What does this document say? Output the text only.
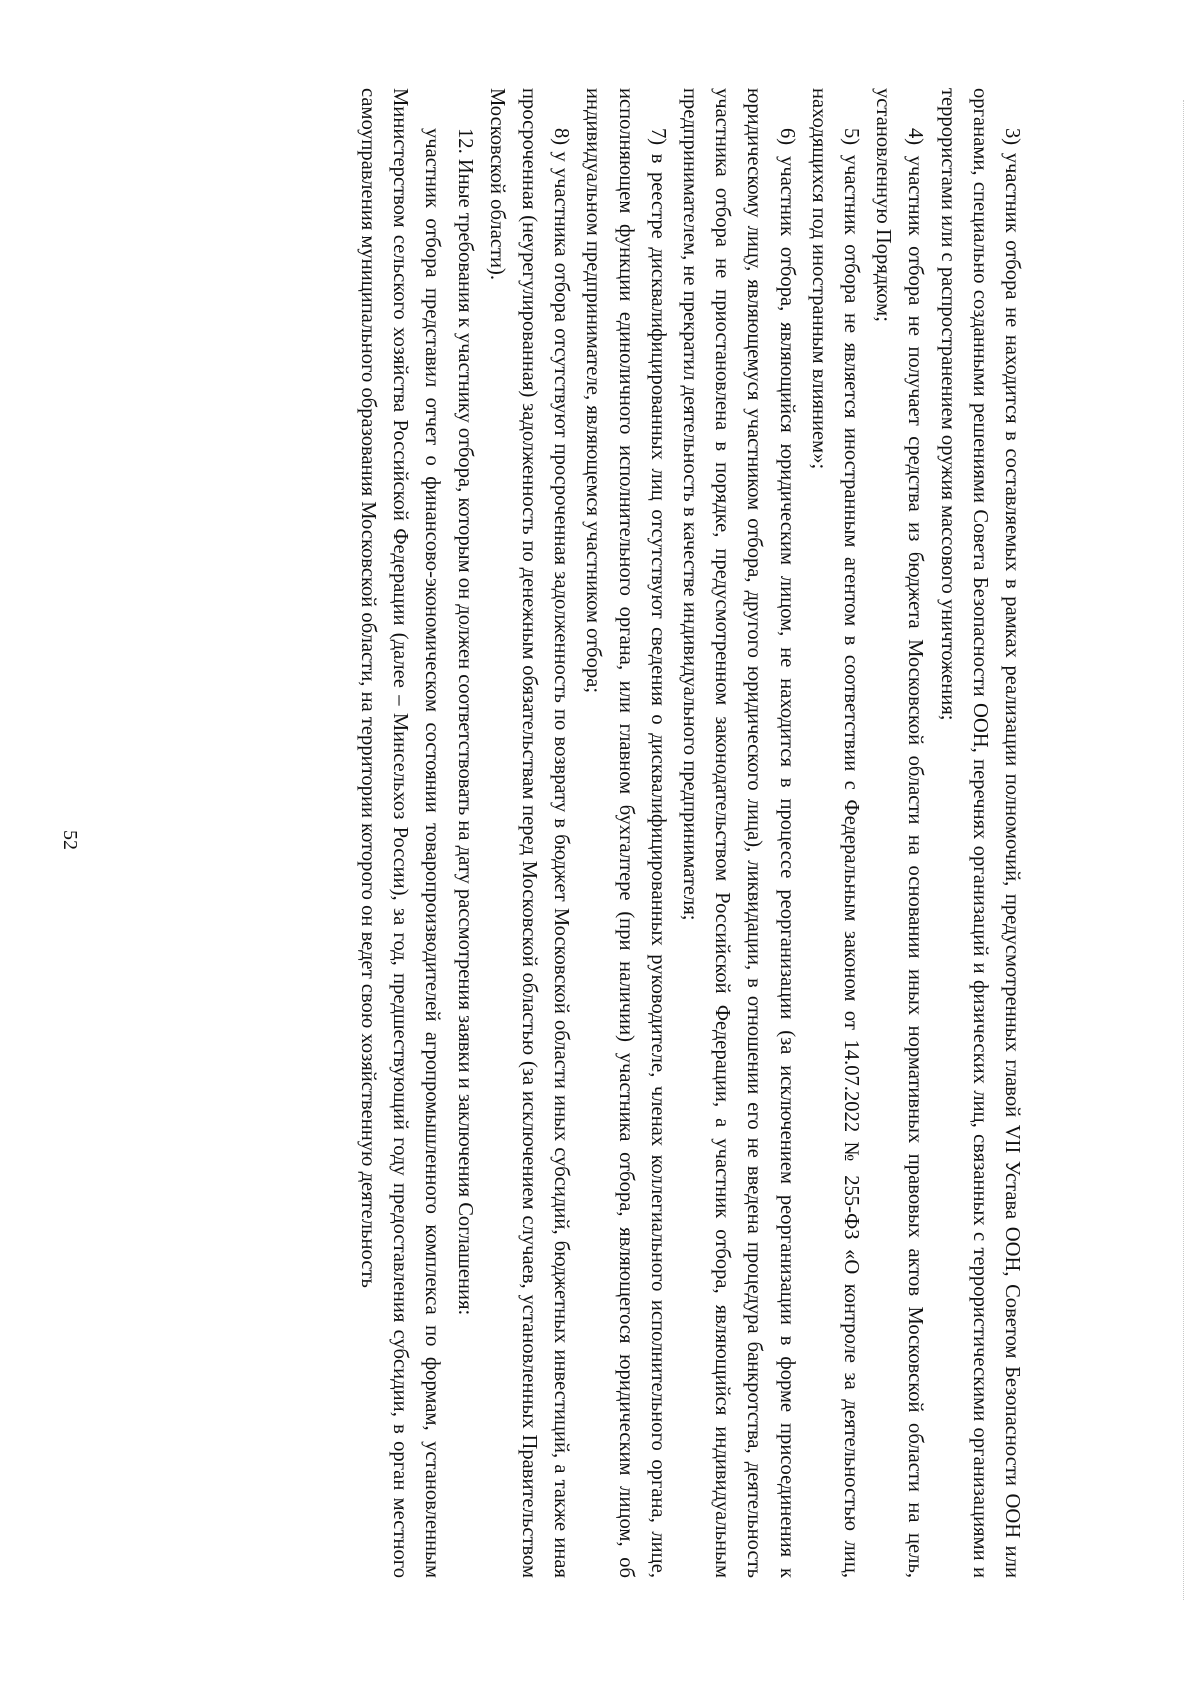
52	3) участник отбора не находится в составляемых в рамках реализации полномочий, предусмотренных главой VII Устава ООН, Советом Безопасности ООН или органами, специально созданными решениями Совета Безопасности ООН, перечнях организаций и физических лиц, связанных с террористическими организациями и террористами или с распространением оружия массового уничтожения;

4) участник отбора не получает средства из бюджета Московской области на основании иных нормативных правовых актов Московской области на цель, установленную Порядком;

5) участник отбора не является иностранным агентом в соответствии с Федеральным законом от 14.07.2022 № 255-ФЗ «О контроле за деятельностью лиц, находящихся под иностранным влиянием»;

6) участник отбора, являющийся юридическим лицом, не находится в процессе реорганизации (за исключением реорганизации в форме присоединения к юридическому лицу, являющемуся участником отбора, другого юридического лица), ликвидации, в отношении его не введена процедура банкротства, деятельность участника отбора не приостановлена в порядке, предусмотренном законодательством Российской Федерации, а участник отбора, являющийся индивидуальным предпринимателем, не прекратил деятельность в качестве индивидуального предпринимателя;

7) в реестре дисквалифицированных лиц отсутствуют сведения о дисквалифицированных руководителе, членах коллегиального исполнительного органа, лице, исполняющем функции единоличного исполнительного органа, или главном бухгалтере (при наличии) участника отбора, являющегося юридическим лицом, об индивидуальном предпринимателе, являющемся участником отбора;

8) у участника отбора отсутствуют просроченная задолженность по возврату в бюджет Московской области иных субсидий, бюджетных инвестиций, а также иная просроченная (неурегулированная) задолженность по денежным обязательствам перед Московской областью (за исключением случаев, установленных Правительством Московской области).

12. Иные требования к участнику отбора, которым он должен соответствовать на дату рассмотрения заявки и заключения Соглашения:

участник отбора представил отчет о финансово-экономическом состоянии товаропроизводителей агропромышленного комплекса по формам, установленным Министерством сельского хозяйства Российской Федерации (далее – Минсельхоз России), за год, предшествующий году предоставления субсидии, в орган местного самоуправления муниципального образования Московской области, на территории которого он ведет свою хозяйственную деятельность
